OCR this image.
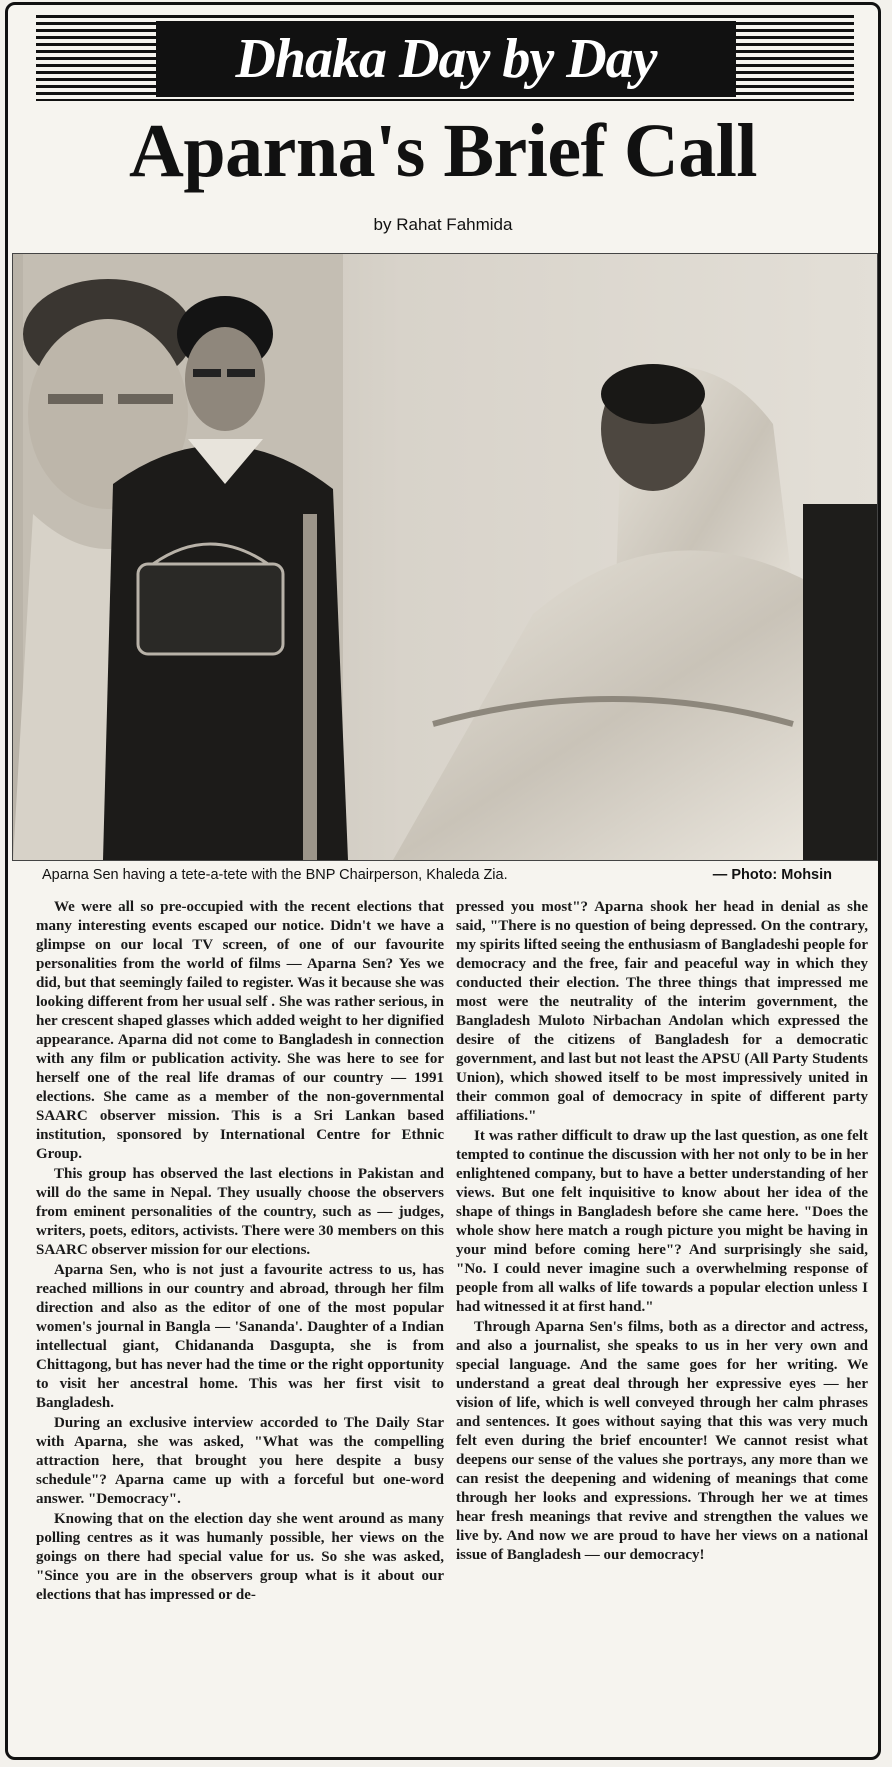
Dhaka Day by Day
Aparna's Brief Call
by Rahat Fahmida
Aparna Sen having a tete-a-tete with the BNP Chairperson, Khaleda Zia.	— Photo: Mohsin

We were all so pre-occupied with the recent elections that many interesting events escaped our notice. Didn't we have a glimpse on our local TV screen, of one of our favourite personalities from the world of films — Aparna Sen? Yes we did, but that seemingly failed to register. Was it because she was looking different from her usual self . She was rather serious, in her crescent shaped glasses which added weight to her dignified appearance. Aparna did not come to Bangladesh in connection with any film or publication activity. She was here to see for herself one of the real life dramas of our country — 1991 elections. She came as a member of the non-governmental SAARC observer mission. This is a Sri Lankan based institution, sponsored by International Centre for Ethnic Group.

This group has observed the last elections in Pakistan and will do the same in Nepal. They usually choose the observers from eminent personalities of the country, such as — judges, writers, poets, editors, activists. There were 30 members on this SAARC observer mission for our elections.

Aparna Sen, who is not just a favourite actress to us, has reached millions in our country and abroad, through her film direction and also as the editor of one of the most popular women's journal in Bangla — 'Sananda'. Daughter of a Indian intellectual giant, Chidananda Dasgupta, she is from Chittagong, but has never had the time or the right opportunity to visit her ancestral home. This was her first visit to Bangladesh.

During an exclusive interview accorded to The Daily Star with Aparna, she was asked, "What was the compelling attraction here, that brought you here despite a busy schedule"? Aparna came up with a forceful but one-word answer. "Democracy".

Knowing that on the election day she went around as many polling centres as it was humanly possible, her views on the goings on there had special value for us. So she was asked, "Since you are in the observers group what is it about our elections that has impressed or de-

pressed you most"? Aparna shook her head in denial as she said, "There is no question of being depressed. On the contrary, my spirits lifted seeing the enthusiasm of Bangladeshi people for democracy and the free, fair and peaceful way in which they conducted their election. The three things that impressed me most were the neutrality of the interim government, the Bangladesh Muloto Nirbachan Andolan which expressed the desire of the citizens of Bangladesh for a democratic government, and last but not least the APSU (All Party Students Union), which showed itself to be most impressively united in their common goal of democracy in spite of different party affiliations."

It was rather difficult to draw up the last question, as one felt tempted to continue the discussion with her not only to be in her enlightened company, but to have a better understanding of her views. But one felt inquisitive to know about her idea of the shape of things in Bangladesh before she came here. "Does the whole show here match a rough picture you might be having in your mind before coming here"? And surprisingly she said, "No. I could never imagine such a overwhelming response of people from all walks of life towards a popular election unless I had witnessed it at first hand."

Through Aparna Sen's films, both as a director and actress, and also a journalist, she speaks to us in her very own and special language. And the same goes for her writing. We understand a great deal through her expressive eyes — her vision of life, which is well conveyed through her calm phrases and sentences. It goes without saying that this was very much felt even during the brief encounter! We cannot resist what deepens our sense of the values she portrays, any more than we can resist the deepening and widening of meanings that come through her looks and expressions. Through her we at times hear fresh meanings that revive and strengthen the values we live by. And now we are proud to have her views on a national issue of Bangladesh — our democracy!
